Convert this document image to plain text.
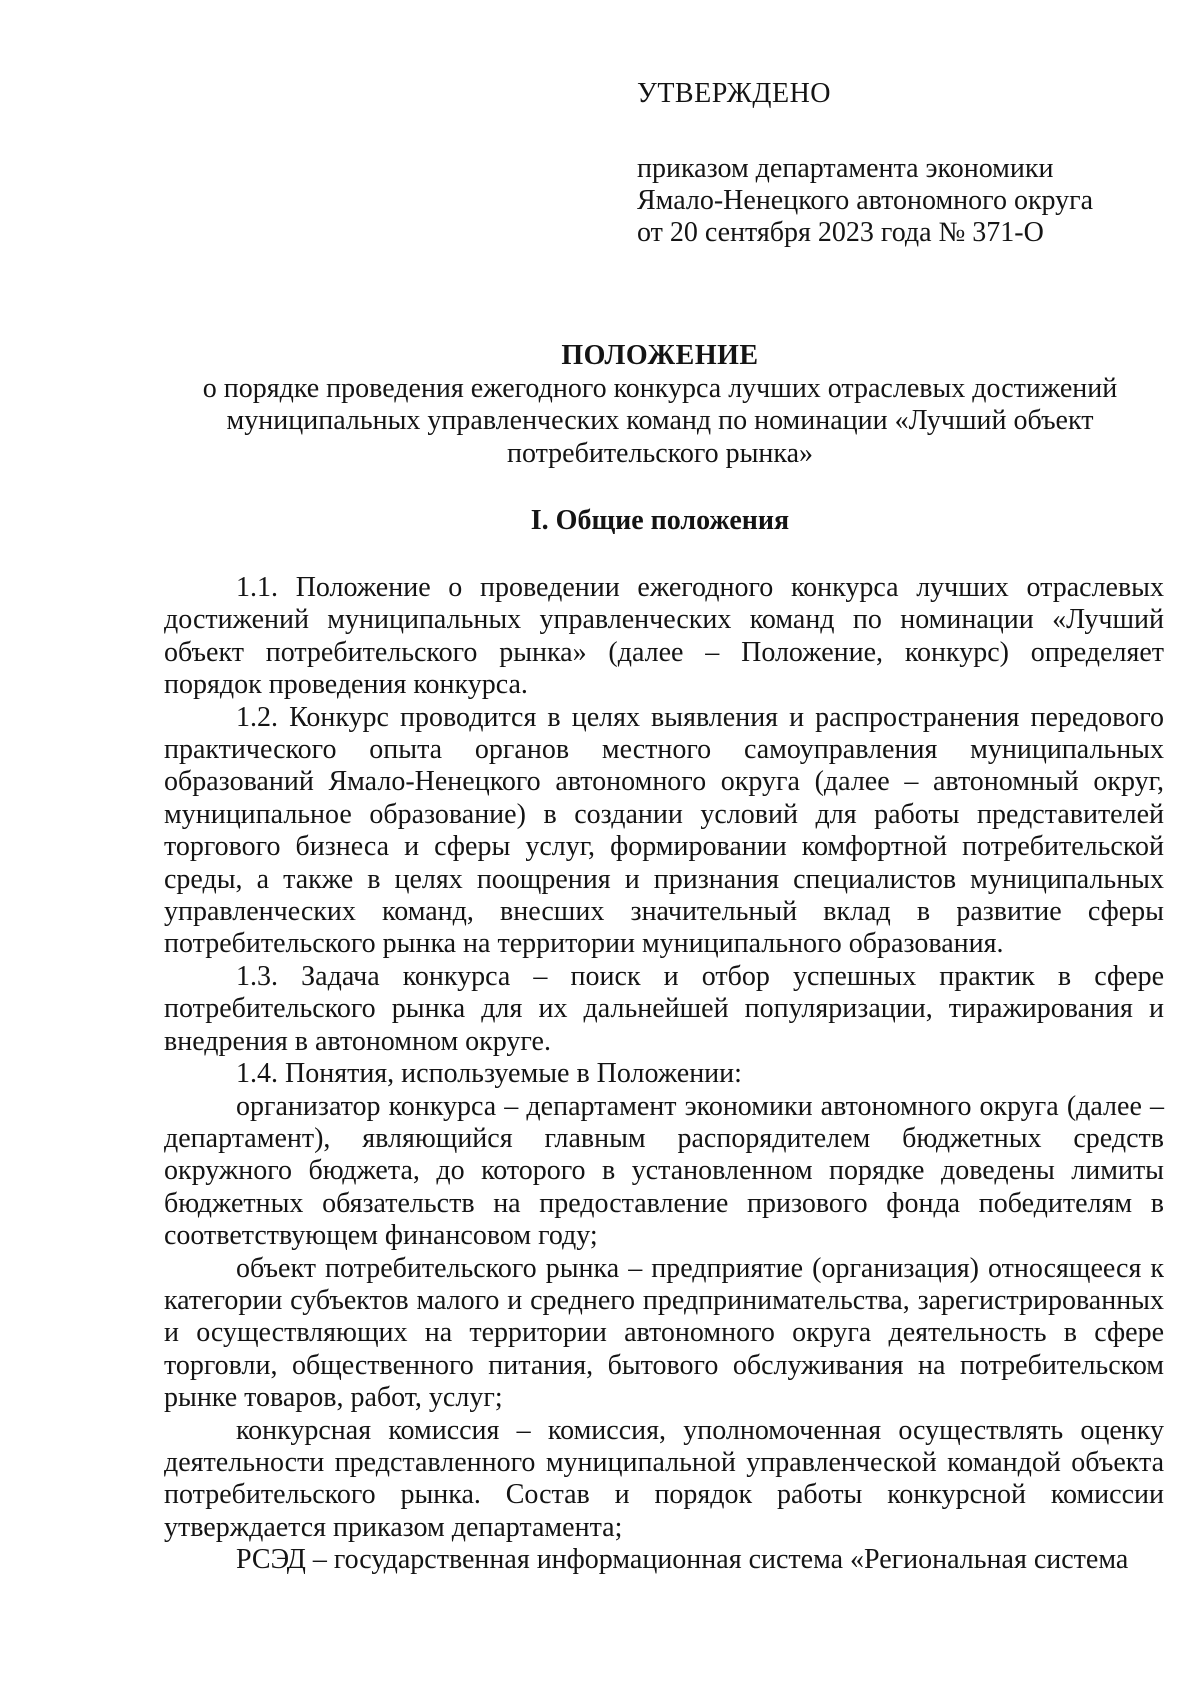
УТВЕРЖДЕНО
приказом департамента экономики
Ямало-Ненецкого автономного округа
от 20 сентября 2023 года № 371-О
ПОЛОЖЕНИЕ
о порядке проведения ежегодного конкурса лучших отраслевых достижений
муниципальных управленческих команд по номинации «Лучший объект
потребительского рынка»
I. Общие положения

1.1. Положение о проведении ежегодного конкурса лучших отраслевых достижений муниципальных управленческих команд по номинации «Лучший объект потребительского рынка» (далее – Положение, конкурс) определяет порядок проведения конкурса.

1.2. Конкурс проводится в целях выявления и распространения передового практического опыта органов местного самоуправления муниципальных образований Ямало-Ненецкого автономного округа (далее – автономный округ, муниципальное образование) в создании условий для работы представителей торгового бизнеса и сферы услуг, формировании комфортной потребительской среды, а также в целях поощрения и признания специалистов муниципальных управленческих команд, внесших значительный вклад в развитие сферы потребительского рынка на территории муниципального образования.

1.3. Задача конкурса – поиск и отбор успешных практик в сфере потребительского рынка для их дальнейшей популяризации, тиражирования и внедрения в автономном округе.

1.4. Понятия, используемые в Положении:

организатор конкурса – департамент экономики автономного округа (далее – департамент), являющийся главным распорядителем бюджетных средств окружного бюджета, до которого в установленном порядке доведены лимиты бюджетных обязательств на предоставление призового фонда победителям в соответствующем финансовом году;

объект потребительского рынка – предприятие (организация) относящееся к категории субъектов малого и среднего предпринимательства, зарегистрированных и осуществляющих на территории автономного округа деятельность в сфере торговли, общественного питания, бытового обслуживания на потребительском рынке товаров, работ, услуг;

конкурсная комиссия – комиссия, уполномоченная осуществлять оценку деятельности представленного муниципальной управленческой командой объекта потребительского рынка. Состав и порядок работы конкурсной комиссии утверждается приказом департамента;

РСЭД – государственная информационная система «Региональная система
